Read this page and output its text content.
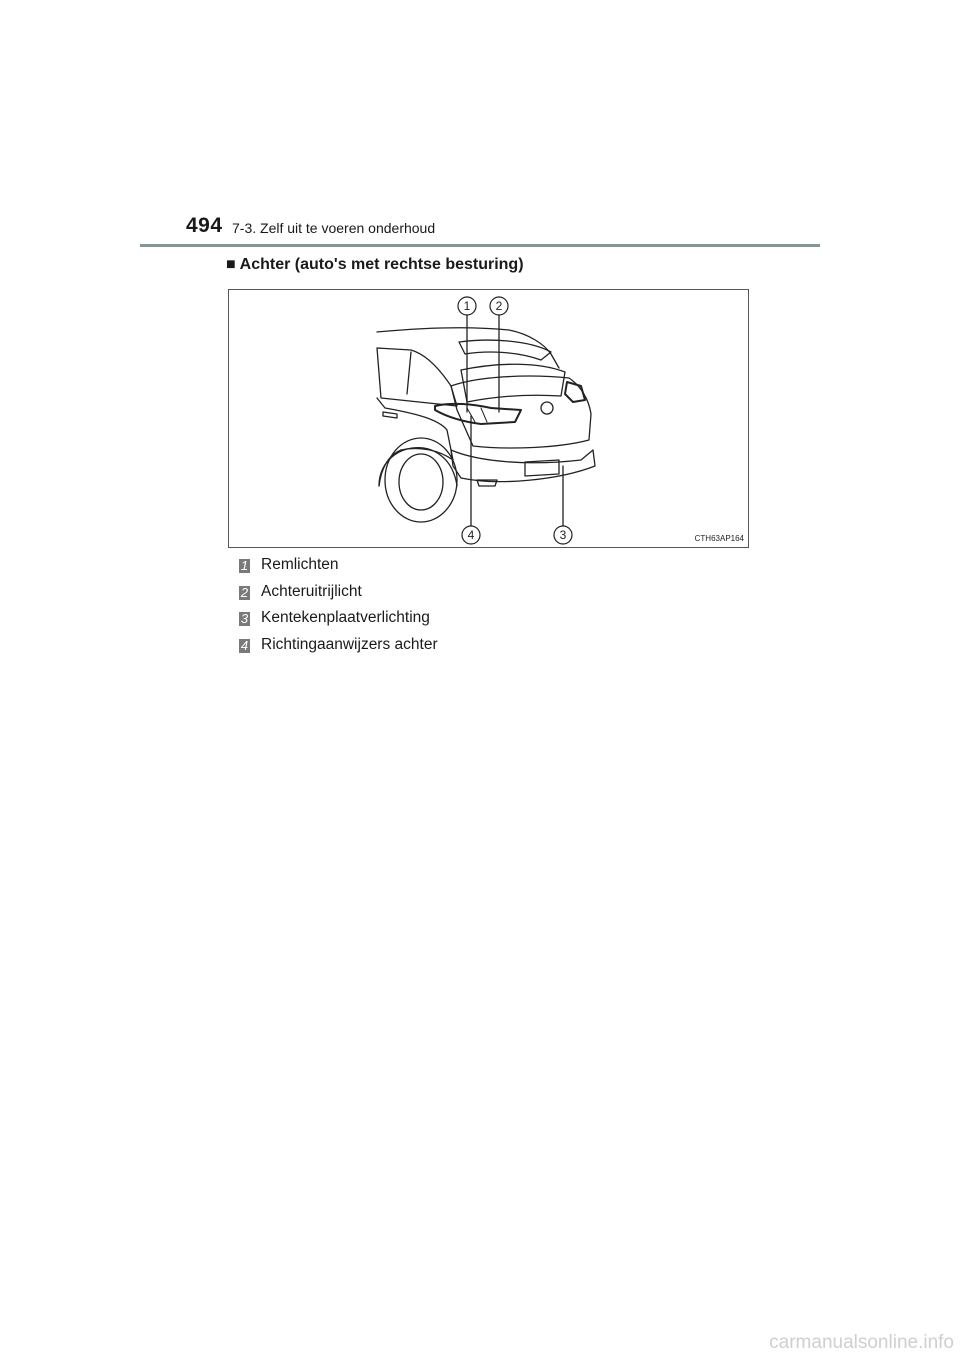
494 7-3. Zelf uit te voeren onderhoud
■ Achter (auto's met rechtse besturing)
1 2
3
4	CTH63AP164
1 Remlichten
2 Achteruitrijlicht
3 Kentekenplaatverlichting
4 Richtingaanwijzers achter
carmanualsonline.info
